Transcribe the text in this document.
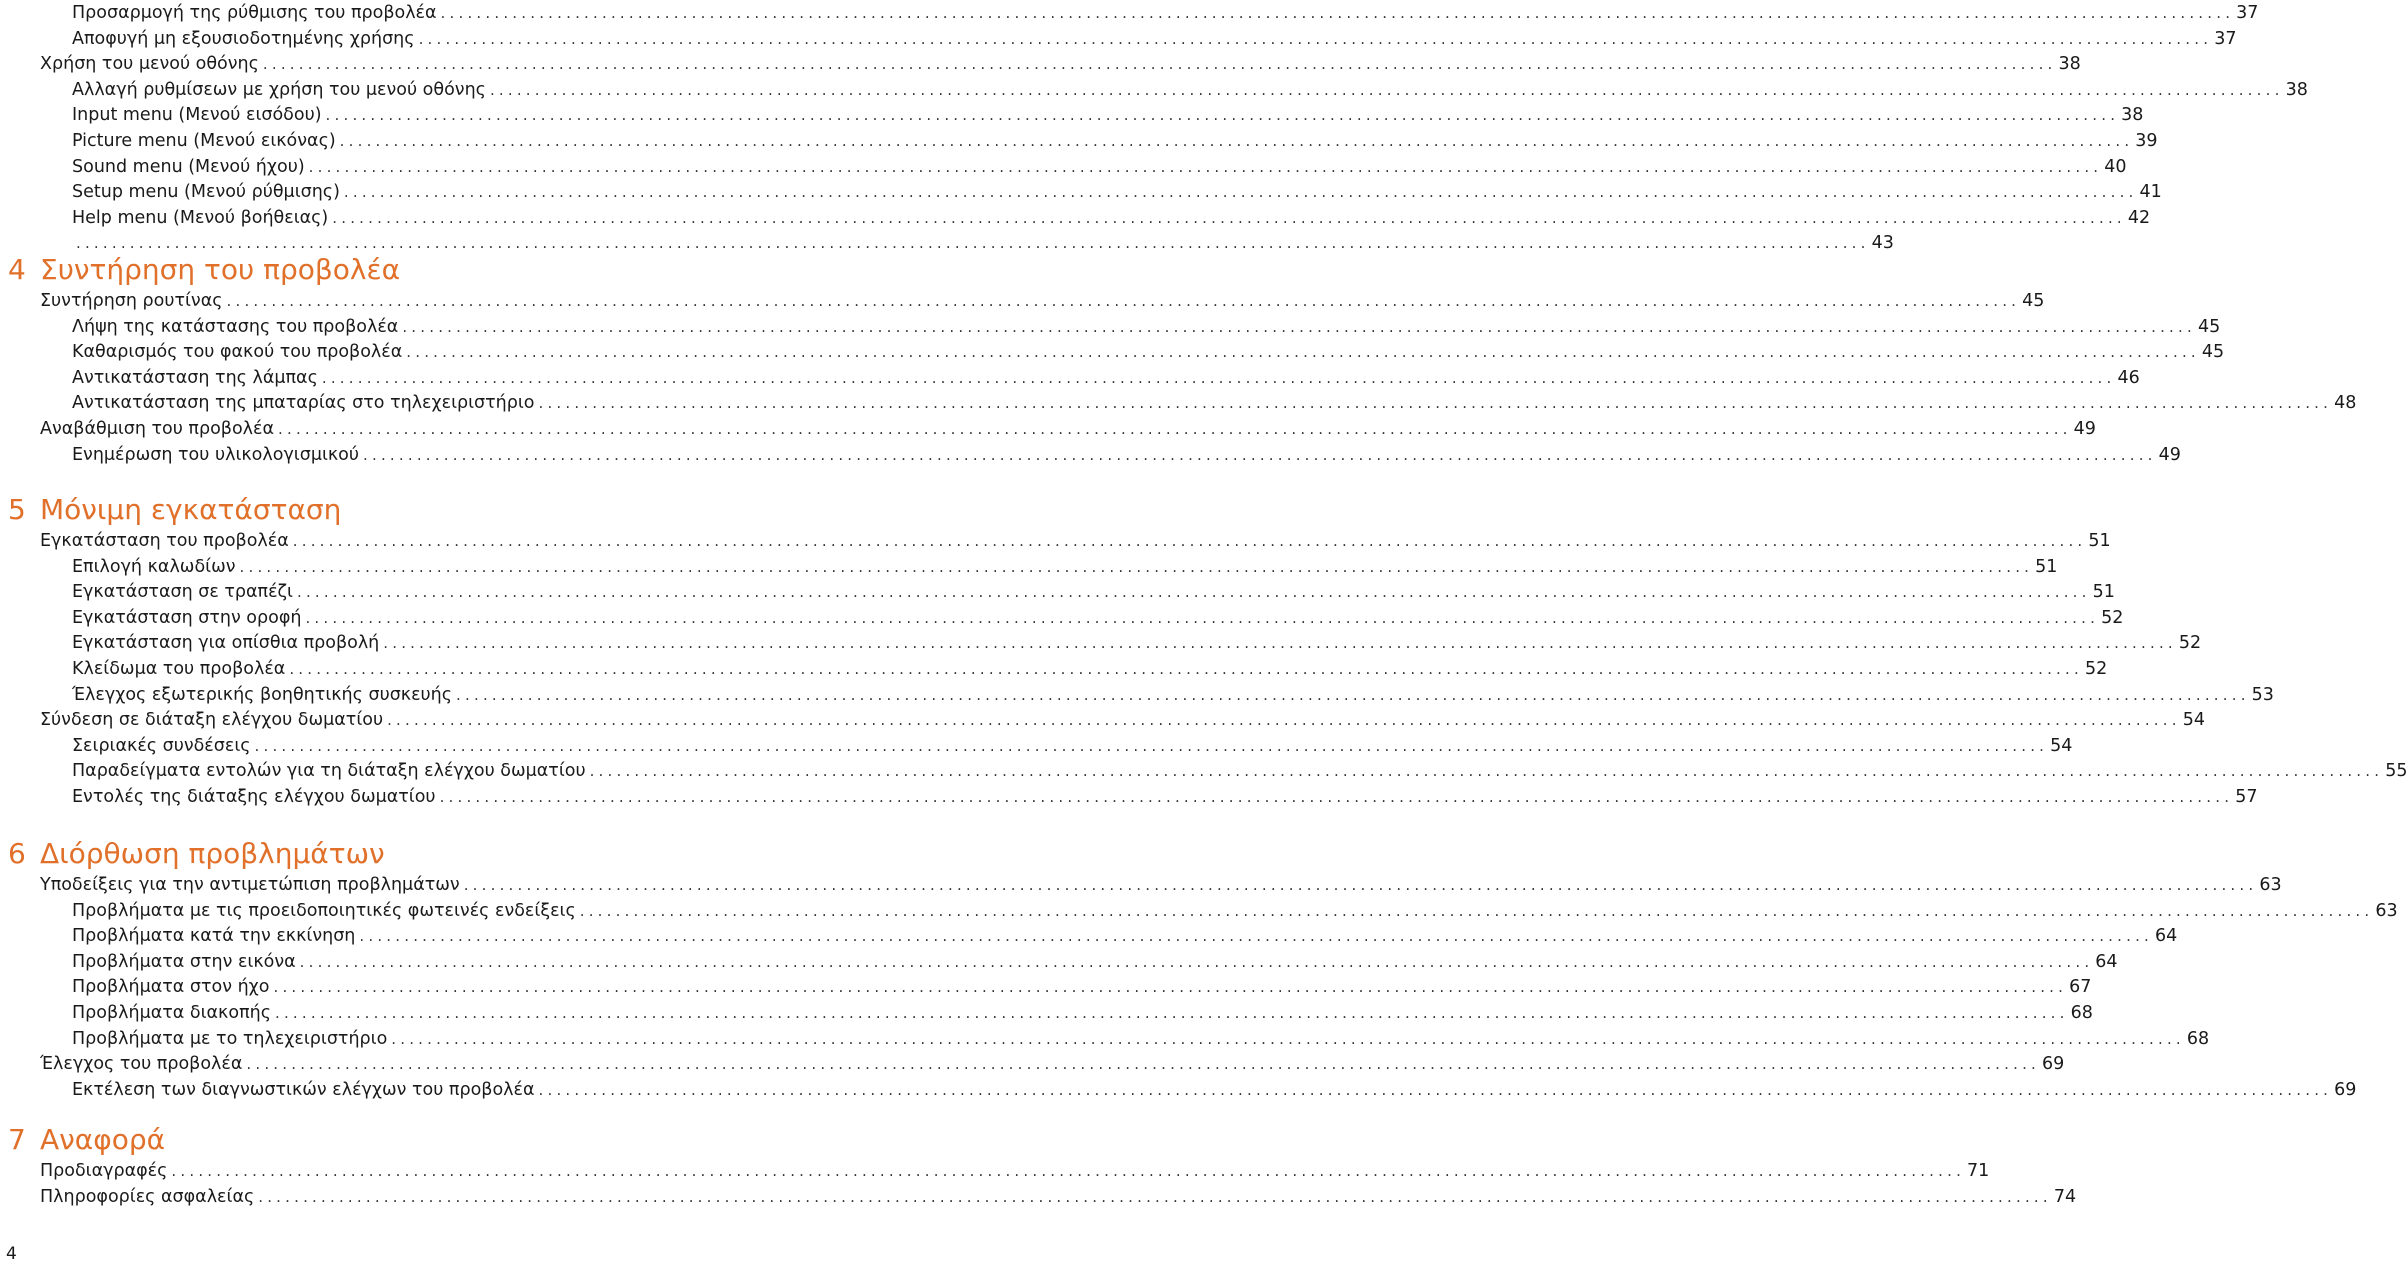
Προσαρμογή της ρύθμισης του προβολέα ........................................................................................................................................................................................................ 37
Αποφυγή μη εξουσιοδοτημένης χρήσης ........................................................................................................................................................................................................ 37
Χρήση του μενού οθόνης ........................................................................................................................................................................................................ 38
Αλλαγή ρυθμίσεων με χρήση του μενού οθόνης ........................................................................................................................................................................................................ 38
Input menu (Μενού εισόδου) ........................................................................................................................................................................................................ 38
Picture menu (Μενού εικόνας) ........................................................................................................................................................................................................ 39
Sound menu (Μενού ήχου) ........................................................................................................................................................................................................ 40
Setup menu (Μενού ρύθμισης) ........................................................................................................................................................................................................ 41
Help menu (Μενού βοήθειας) ........................................................................................................................................................................................................ 42
........................................................................................................................................................................................................ 43
4 Συντήρηση του προβολέα
Συντήρηση ρουτίνας ........................................................................................................................................................................................................ 45
Λήψη της κατάστασης του προβολέα ........................................................................................................................................................................................................ 45
Καθαρισμός του φακού του προβολέα ........................................................................................................................................................................................................ 45
Αντικατάσταση της λάμπας ........................................................................................................................................................................................................ 46
Αντικατάσταση της μπαταρίας στο τηλεχειριστήριο ........................................................................................................................................................................................................ 48
Αναβάθμιση του προβολέα ........................................................................................................................................................................................................ 49
Ενημέρωση του υλικολογισμικού ........................................................................................................................................................................................................ 49
5 Μόνιμη εγκατάσταση
Εγκατάσταση του προβολέα ........................................................................................................................................................................................................ 51
Επιλογή καλωδίων ........................................................................................................................................................................................................ 51
Εγκατάσταση σε τραπέζι ........................................................................................................................................................................................................ 51
Εγκατάσταση στην οροφή ........................................................................................................................................................................................................ 52
Εγκατάσταση για οπίσθια προβολή ........................................................................................................................................................................................................ 52
Κλείδωμα του προβολέα ........................................................................................................................................................................................................ 52
Έλεγχος εξωτερικής βοηθητικής συσκευής ........................................................................................................................................................................................................ 53
Σύνδεση σε διάταξη ελέγχου δωματίου ........................................................................................................................................................................................................ 54
Σειριακές συνδέσεις ........................................................................................................................................................................................................ 54
Παραδείγματα εντολών για τη διάταξη ελέγχου δωματίου ........................................................................................................................................................................................................ 55
Εντολές της διάταξης ελέγχου δωματίου ........................................................................................................................................................................................................ 57
6 Διόρθωση προβλημάτων
Υποδείξεις για την αντιμετώπιση προβλημάτων ........................................................................................................................................................................................................ 63
Προβλήματα με τις προειδοποιητικές φωτεινές ενδείξεις ........................................................................................................................................................................................................ 63
Προβλήματα κατά την εκκίνηση ........................................................................................................................................................................................................ 64
Προβλήματα στην εικόνα ........................................................................................................................................................................................................ 64
Προβλήματα στον ήχο ........................................................................................................................................................................................................ 67
Προβλήματα διακοπής ........................................................................................................................................................................................................ 68
Προβλήματα με το τηλεχειριστήριο ........................................................................................................................................................................................................ 68
Έλεγχος του προβολέα ........................................................................................................................................................................................................ 69
Εκτέλεση των διαγνωστικών ελέγχων του προβολέα ........................................................................................................................................................................................................ 69
7 Αναφορά
Προδιαγραφές ........................................................................................................................................................................................................ 71
Πληροφορίες ασφαλείας ........................................................................................................................................................................................................ 74
4
